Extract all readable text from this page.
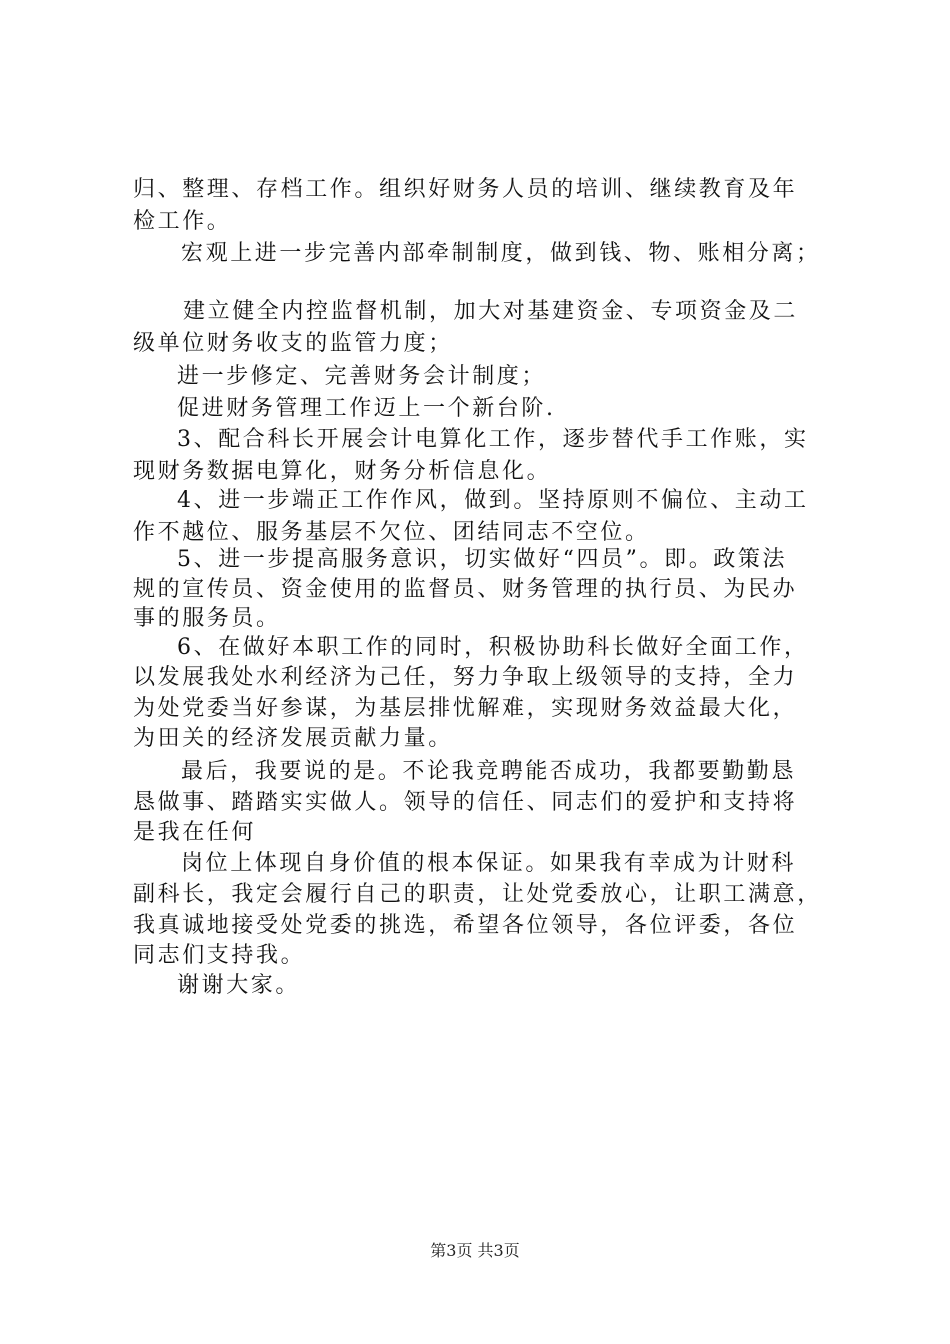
归、整理、存档工作。组织好财务人员的培训、继续教育及年
检工作。
宏观上进一步完善内部牵制制度，做到钱、物、账相分离；
建立健全内控监督机制，加大对基建资金、专项资金及二
级单位财务收支的监管力度；
进一步修定、完善财务会计制度；
促进财务管理工作迈上一个新台阶.
3、配合科长开展会计电算化工作，逐步替代手工作账，实
现财务数据电算化，财务分析信息化。
4、进一步端正工作作风，做到。坚持原则不偏位、主动工
作不越位、服务基层不欠位、团结同志不空位。
5、进一步提高服务意识，切实做好“四员”。即。政策法
规的宣传员、资金使用的监督员、财务管理的执行员、为民办
事的服务员。
6、在做好本职工作的同时，积极协助科长做好全面工作，
以发展我处水利经济为己任，努力争取上级领导的支持，全力
为处党委当好参谋，为基层排忧解难，实现财务效益最大化，
为田关的经济发展贡献力量。
最后，我要说的是。不论我竞聘能否成功，我都要勤勤恳
恳做事、踏踏实实做人。领导的信任、同志们的爱护和支持将
是我在任何
岗位上体现自身价值的根本保证。如果我有幸成为计财科
副科长，我定会履行自己的职责，让处党委放心，让职工满意，
我真诚地接受处党委的挑选，希望各位领导，各位评委，各位
同志们支持我。
谢谢大家。
第3页 共3页
